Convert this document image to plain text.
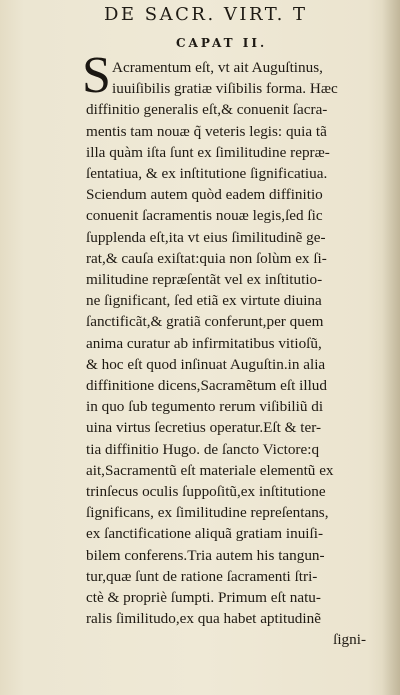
DE SACR. VIRT. T
CAPAT II.
S Acramentum eſt, vt ait Auguſtinus,
iuuiſibilis gratiæ viſibilis forma. Hæc
diffinitio generalis eſt,& conuenit ſacra-
mentis tam nouæ q̃ veteris legis: quia tã
illa quàm iſta ſunt ex ſimilitudine repræ-
ſentatiua, & ex inſtitutione ſignificatiua.
Sciendum autem quòd eadem diffinitio
conuenit ſacramentis nouæ legis,ſed ſic
ſupplenda eſt,ita vt eius ſimilitudinẽ ge-
rat,& cauſa exiſtat:quia non ſolùm ex ſi-
militudine repræſentãt vel ex inſtitutio-
ne ſignificant, ſed etiã ex virtute diuina
ſanctificãt,& gratiã conferunt,per quem
anima curatur ab infirmitatibus vitioſũ,
& hoc eſt quod inſinuat Auguſtin.in alia
diffinitione dicens,Sacramẽtum eſt illud
in quo ſub tegumento rerum viſibiliũ di
uina virtus ſecretius operatur.Eſt & ter-
tia diffinitio Hugo. de ſancto Victore:q
ait,Sacramentũ eſt materiale elementũ ex
trinſecus oculis ſuppoſitũ,ex inſtitutione
ſignificans, ex ſimilitudine repreſentans,
ex ſanctificatione aliquã gratiam inuiſi-
bilem conferens.Tria autem his tangun-
tur,quæ ſunt de ratione ſacramenti ſtri-
ctè & propriè ſumpti. Primum eſt natu-
ralis ſimilitudo,ex qua habet aptitudinẽ
ſigni-
